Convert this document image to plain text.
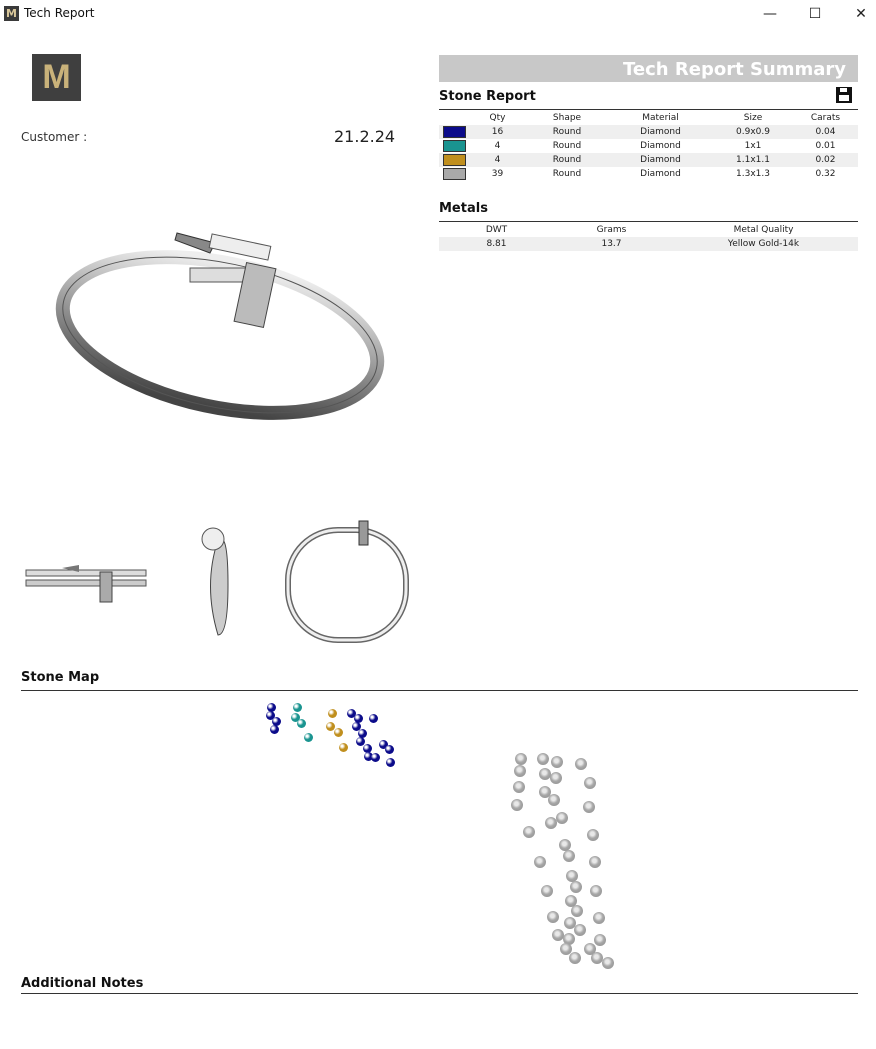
M Tech Report	—	☐	✕
M
Customer :	21.2.24
Tech Report Summary
Stone Report
	Qty	Shape	Material	Size	Carats
	16	Round	Diamond	0.9x0.9	0.04
	4	Round	Diamond	1x1	0.01
	4	Round	Diamond	1.1x1.1	0.02
	39	Round	Diamond	1.3x1.3	0.32
Metals
DWT	Grams	Metal Quality
8.81	13.7	Yellow Gold-14k
Stone Map
Additional Notes
